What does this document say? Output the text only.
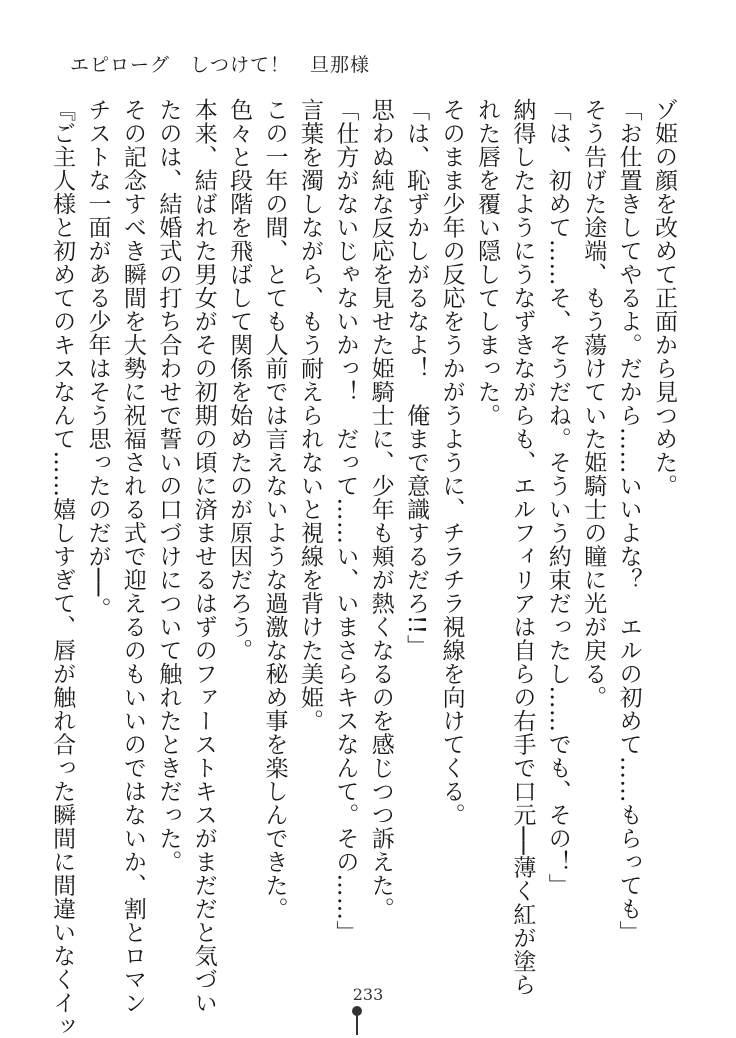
エピローグ　しつけて！　旦那様

ゾ姫の顔を改めて正面から見つめた。

「お仕置きしてやるよ。だから……いいよな？　エルの初めて……もらっても」

そう告げた途端、もう蕩けていた姫騎士の瞳に光が戻る。

「は、初めて……そ、そうだね。そういう約束だったし……でも、その！」

納得したようにうなずきながらも、エルフィリアは自らの右手で口元──薄く紅が塗ら

れた唇を覆い隠してしまった。

そのまま少年の反応をうかがうように、チラチラ視線を向けてくる。

「は、恥ずかしがるなよ！　俺まで意識するだろ!!」

思わぬ純な反応を見せた姫騎士に、少年も頬が熱くなるのを感じつつ訴えた。

「仕方がないじゃないかっ！　だって……い、いまさらキスなんて。その……」

言葉を濁しながら、もう耐えられないと視線を背けた美姫。

この一年の間、とても人前では言えないような過激な秘め事を楽しんできた。

色々と段階を飛ばして関係を始めたのが原因だろう。

本来、結ばれた男女がその初期の頃に済ませるはずのファーストキスがまだだと気づい

たのは、結婚式の打ち合わせで誓いの口づけについて触れたときだった。

その記念すべき瞬間を大勢に祝福される式で迎えるのもいいのではないか、割とロマン

チストな一面がある少年はそう思ったのだが──。

『ご主人様と初めてのキスなんて……嬉しすぎて、唇が触れ合った瞬間に間違いなくイッ	233
